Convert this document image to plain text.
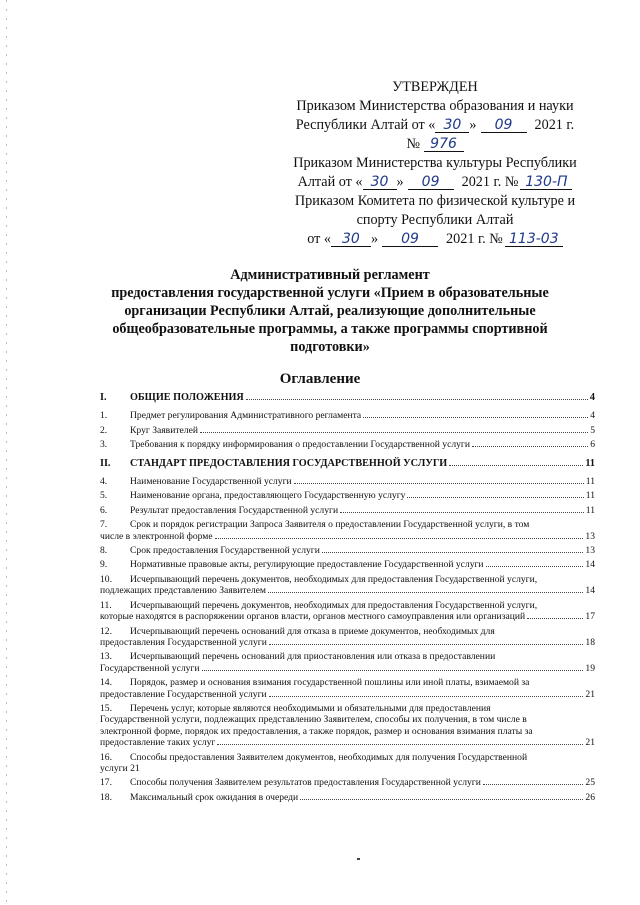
УТВЕРЖДЕН
Приказом Министерства образования и науки
Республики Алтай от « 30 » 09 2021 г.
№ 976
Приказом Министерства культуры Республики
Алтай от « 30 » 09 2021 г. № 130-П
Приказом Комитета по физической культуре и
спорту Республики Алтай
от « 30 » 09 2021 г. № 113-03
Административный регламент
предоставления государственной услуги «Прием в образовательные
организации Республики Алтай, реализующие дополнительные
общеобразовательные программы, а также программы спортивной
подготовки»
Оглавление
I.	ОБЩИЕ ПОЛОЖЕНИЯ	4
1.	Предмет регулирования Административного регламента	4
2.	Круг Заявителей	5
3.	Требования к порядку информирования о предоставлении Государственной услуги	6
II.	СТАНДАРТ ПРЕДОСТАВЛЕНИЯ ГОСУДАРСТВЕННОЙ УСЛУГИ	11
4.	Наименование Государственной услуги	11
5.	Наименование органа, предоставляющего Государственную услугу	11
6.	Результат предоставления Государственной услуги	11
7. Срок и порядок регистрации Запроса Заявителя о предоставлении Государственной услуги, в том
числе в электронной форме	13
8.	Срок предоставления Государственной услуги	13
9.	Нормативные правовые акты, регулирующие предоставление Государственной услуги	14
10. Исчерпывающий перечень документов, необходимых для предоставления Государственной услуги,
подлежащих представлению Заявителем	14
11. Исчерпывающий перечень документов, необходимых для предоставления Государственной услуги,
которые находятся в распоряжении органов власти, органов местного самоуправления или организаций	17
12. Исчерпывающий перечень оснований для отказа в приеме документов, необходимых для
предоставления Государственной услуги	18
13. Исчерпывающий перечень оснований для приостановления или отказа в предоставлении
Государственной услуги	19
14. Порядок, размер и основания взимания государственной пошлины или иной платы, взимаемой за
предоставление Государственной услуги	21
15. Перечень услуг, которые являются необходимыми и обязательными для предоставления
Государственной услуги, подлежащих представлению Заявителем, способы их получения, в том числе в
электронной форме, порядок их предоставления, а также порядок, размер и основания взимания платы за
предоставление таких услуг	21
16. Способы предоставления Заявителем документов, необходимых для получения Государственной
услуги 21
17.	Способы получения Заявителем результатов предоставления Государственной услуги	25
18.	Максимальный срок ожидания в очереди	26
